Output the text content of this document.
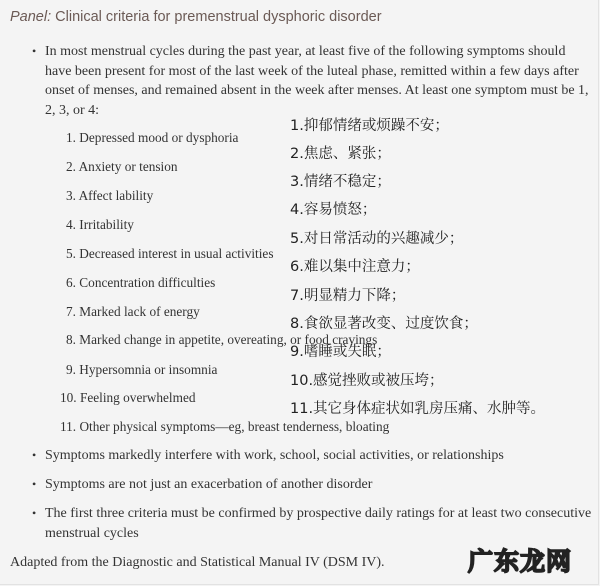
Panel: Clinical criteria for premenstrual dysphoric disorder
• In most menstrual cycles during the past year, at least five of the following symptoms should have been present for most of the last week of the luteal phase, remitted within a few days after onset of menses, and remained absent in the week after menses. At least one symptom must be 1, 2, 3, or 4:
1. Depressed mood or dysphoria
2. Anxiety or tension
3. Affect lability
4. Irritability
5. Decreased interest in usual activities
6. Concentration difficulties
7. Marked lack of energy
8. Marked change in appetite, overeating, or food cravings
9. Hypersomnia or insomnia
10. Feeling overwhelmed
11. Other physical symptoms—eg, breast tenderness, bloating
1.抑郁情绪或烦躁不安；
2.焦虑、紧张；
3.情绪不稳定；
4.容易愤怒；
5.对日常活动的兴趣减少；
6.难以集中注意力；
7.明显精力下降；
8.食欲显著改变、过度饮食；
9.嗜睡或失眠；
10.感觉挫败或被压垮；
11.其它身体症状如乳房压痛、水肿等。
• Symptoms markedly interfere with work, school, social activities, or relationships
• Symptoms are not just an exacerbation of another disorder
• The first three criteria must be confirmed by prospective daily ratings for at least two consecutive menstrual cycles
Adapted from the Diagnostic and Statistical Manual IV (DSM IV).	广东龙网
